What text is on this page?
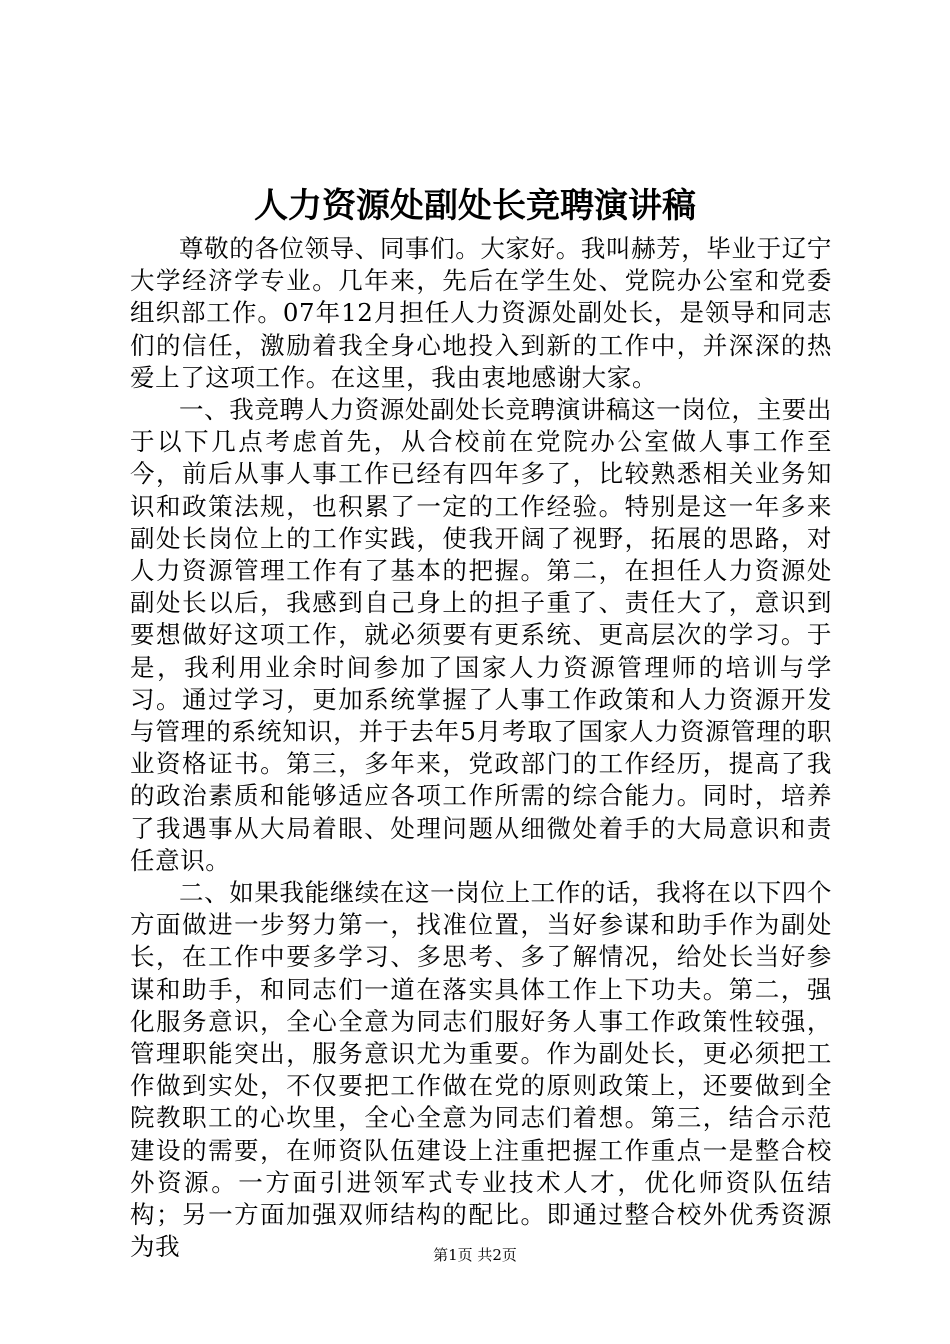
人力资源处副处长竞聘演讲稿

尊敬的各位领导、同事们。大家好。我叫赫芳，毕业于辽宁大学经济学专业。几年来，先后在学生处、党院办公室和党委组织部工作。07年12月担任人力资源处副处长，是领导和同志们的信任，激励着我全身心地投入到新的工作中，并深深的热爱上了这项工作。在这里，我由衷地感谢大家。

一、我竞聘人力资源处副处长竞聘演讲稿这一岗位，主要出于以下几点考虑首先，从合校前在党院办公室做人事工作至今，前后从事人事工作已经有四年多了，比较熟悉相关业务知识和政策法规，也积累了一定的工作经验。特别是这一年多来副处长岗位上的工作实践，使我开阔了视野，拓展的思路，对人力资源管理工作有了基本的把握。第二，在担任人力资源处副处长以后，我感到自己身上的担子重了、责任大了，意识到要想做好这项工作，就必须要有更系统、更高层次的学习。于是，我利用业余时间参加了国家人力资源管理师的培训与学习。通过学习，更加系统掌握了人事工作政策和人力资源开发与管理的系统知识，并于去年5月考取了国家人力资源管理的职业资格证书。第三，多年来，党政部门的工作经历，提高了我的政治素质和能够适应各项工作所需的综合能力。同时，培养了我遇事从大局着眼、处理问题从细微处着手的大局意识和责任意识。

二、如果我能继续在这一岗位上工作的话，我将在以下四个方面做进一步努力第一，找准位置，当好参谋和助手作为副处长，在工作中要多学习、多思考、多了解情况，给处长当好参谋和助手，和同志们一道在落实具体工作上下功夫。第二，强化服务意识，全心全意为同志们服好务人事工作政策性较强，管理职能突出，服务意识尤为重要。作为副处长，更必须把工作做到实处，不仅要把工作做在党的原则政策上，还要做到全院教职工的心坎里，全心全意为同志们着想。第三，结合示范建设的需要，在师资队伍建设上注重把握工作重点一是整合校外资源。一方面引进领军式专业技术人才，优化师资队伍结构；另一方面加强双师结构的配比。即通过整合校外优秀资源为我	第1页 共2页
